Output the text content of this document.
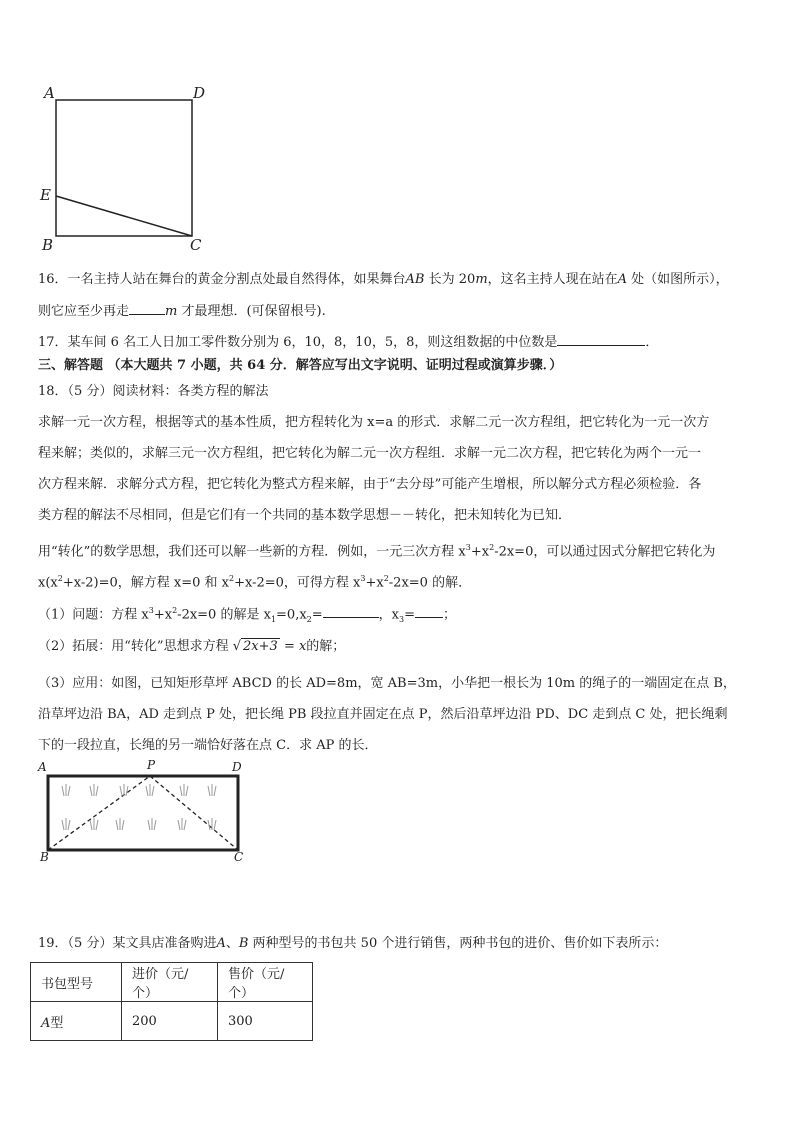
A	D
E
B	C
16．一名主持人站在舞台的黄金分割点处最自然得体，如果舞台AB 长为 20m，这名主持人现在站在A 处（如图所示），
则它应至少再走	m 才最理想．(可保留根号).
17．某车间 6 名工人日加工零件数分别为 6，10，8，10，5，8，则这组数据的中位数是	．
三、解答题 （本大题共 7 小题，共 64 分．解答应写出文字说明、证明过程或演算步骤．）
18．（5 分）阅读材料：各类方程的解法
求解一元一次方程，根据等式的基本性质，把方程转化为 x=a 的形式．求解二元一次方程组，把它转化为一元一次方
程来解；类似的，求解三元一次方程组，把它转化为解二元一次方程组．求解一元二次方程，把它转化为两个一元一
次方程来解．求解分式方程，把它转化为整式方程来解，由于“去分母”可能产生增根，所以解分式方程必须检验．各
类方程的解法不尽相同，但是它们有一个共同的基本数学思想－－转化，把未知转化为已知．
用“转化”的数学思想，我们还可以解一些新的方程．例如，一元三次方程 $x^3+x^2-2x=0$，可以通过因式分解把它转化为
$x(x^2+x-2)=0$，解方程 x=0 和 $x^2+x-2=0$，可得方程 $x^3+x^2-2x=0$ 的解．
（1）问题：方程 $x^3+x^2-2x=0$ 的解是 $x_1=0,x_2=$	，$x_3=$ ；
（2）拓展：用“转化”思想求方程 √ 2x+3 = x的解；
（3）应用：如图，已知矩形草坪 ABCD 的长 AD=8m，宽 AB=3m，小华把一根长为 10m 的绳子的一端固定在点 B，
沿草坪边沿 BA，AD 走到点 P 处，把长绳 PB 段拉直并固定在点 P，然后沿草坪边沿 PD、DC 走到点 C 处，把长绳剩
下的一段拉直，长绳的另一端恰好落在点 C．求 AP 的长．
A	P	D
B	C
19．（5 分）某文具店准备购进A、B 两种型号的书包共 50 个进行销售，两种书包的进价、售价如下表所示：
书包型号	进价（元/个）	售价（元/个）
A型	200	300
